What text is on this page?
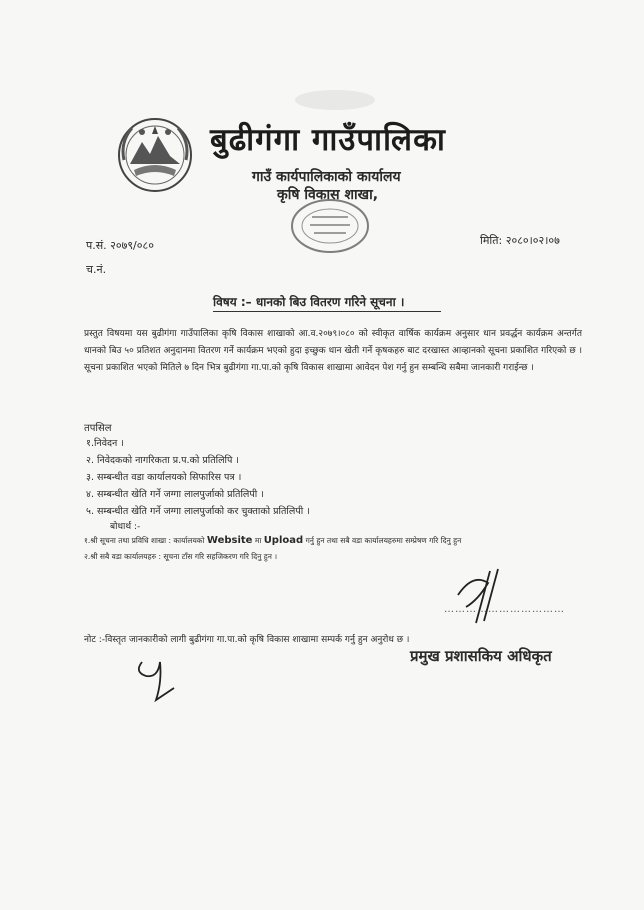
बुढीगंगा गाउँपालिका
गाउँ कार्यपालिकाको कार्यालय
कृषि विकास शाखा,
प.सं. २०७९/०८०
च.नं.
मिति: २०८०।०२।०७
विषय :– धानको बिउ वितरण गरिने सूचना ।
प्रस्तुत विषयमा यस बुढीगंगा गाउँपालिका कृषि विकास शाखाको आ.व.२०७९।०८० को स्वीकृत वार्षिक कार्यक्रम अनुसार धान प्रवर्द्धन कार्यक्रम अन्तर्गत धानको बिउ ५० प्रतिशत अनुदानमा वितरण गर्ने कार्यक्रम भएको हुदा इच्छुक धान खेती गर्ने कृषकहरु बाट दरखास्त आव्हानको सूचना प्रकाशित गरिएको छ । सूचना प्रकाशित भएको मितिले ७ दिन भित्र बुढीगंगा गा.पा.को कृषि विकास शाखामा आवेदन पेश गर्नु हुन सम्बन्धि सबैमा जानकारी गराईन्छ ।
तपसिल
१.निवेदन ।
२. निवेदकको नागरिकता प्र.प.को प्रतिलिपि ।
३. सम्बन्धीत वडा कार्यालयको सिफारिस पत्र ।
४. सम्बन्धीत खेति गर्ने जग्गा लालपुर्जाको प्रतिलिपी ।
५. सम्बन्धीत खेति गर्ने जग्गा लालपुर्जाको कर चुक्ताको प्रतिलिपी ।
बोधार्थ :-
१.श्री सूचना तथा प्रविधि शाखा : कार्यालयको Website मा Upload गर्नु हुन तथा सबै वडा कार्यालयहरुमा सम्प्रेषण गरि दिनु हुन
२.श्री सबै वडा कार्यालयहरु : सूचना टाँस गरि सहजिकरण गरि दिनु हुन ।
……………………………
नोट :-विस्तृत जानकारीको लागी बुढीगंगा गा.पा.को कृषि विकास शाखामा सम्पर्क गर्नु हुन अनुरोध छ ।
प्रमुख प्रशासकिय अधिकृत
